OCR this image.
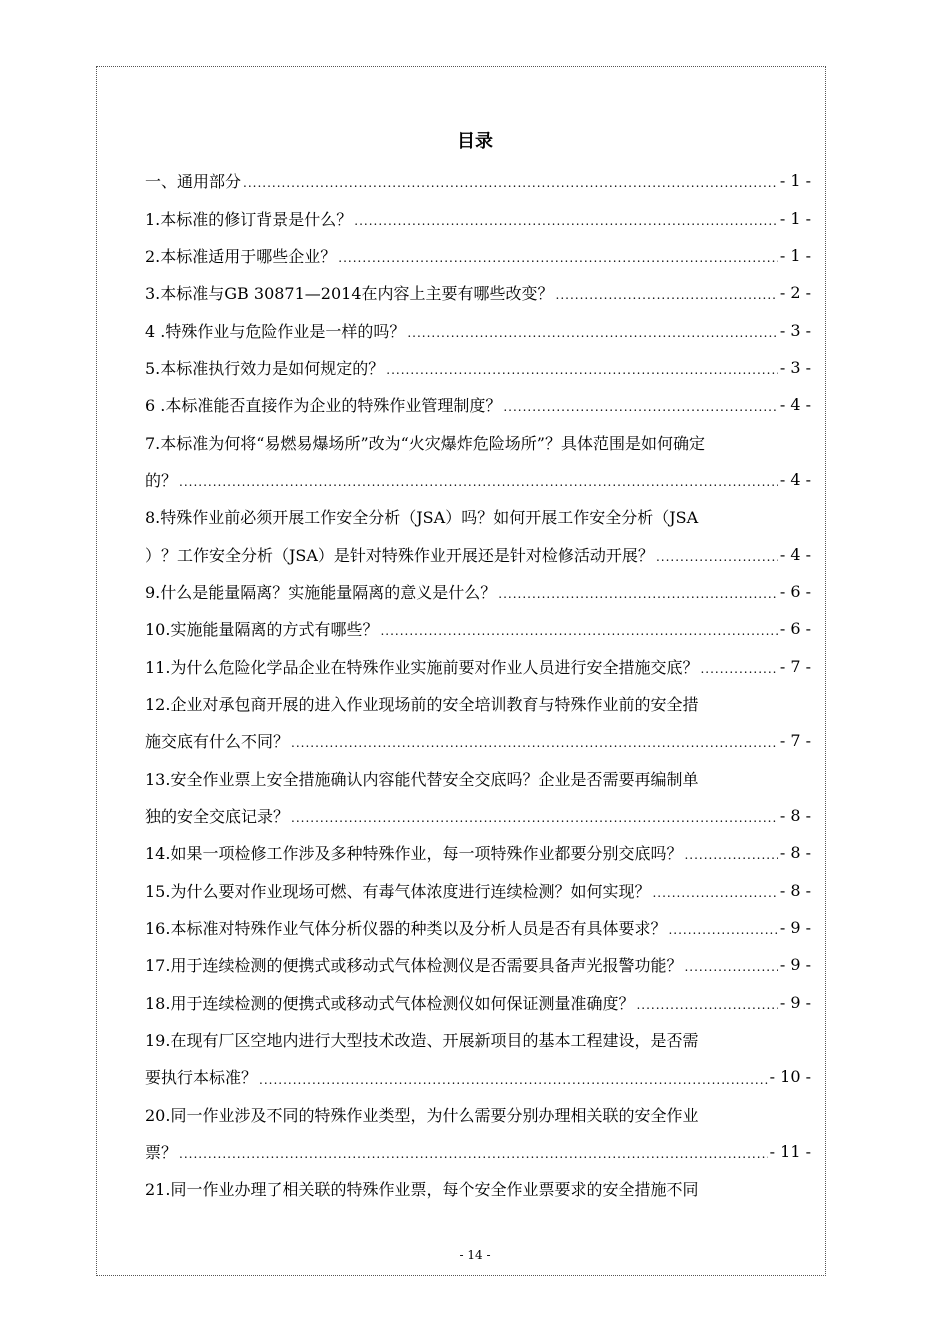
目录
一、通用部分 .....	- 1 -
1.本标准的修订背景是什么？ .....	- 1 -
2.本标准适用于哪些企业？ .....	- 1 -
3.本标准与GB 30871—2014在内容上主要有哪些改变？ .....	- 2 -
4 .特殊作业与危险作业是一样的吗？ .....	- 3 -
5.本标准执行效力是如何规定的？ .....	- 3 -
6 .本标准能否直接作为企业的特殊作业管理制度？ .....	- 4 -
7.本标准为何将“易燃易爆场所”改为“火灾爆炸危险场所”？具体范围是如何确定
的？ .....	- 4 -
8.特殊作业前必须开展工作安全分析（JSA）吗？如何开展工作安全分析（JSA
）？工作安全分析（JSA）是针对特殊作业开展还是针对检修活动开展？ .....	- 4 -
9.什么是能量隔离？实施能量隔离的意义是什么？ .....	- 6 -
10.实施能量隔离的方式有哪些？ .....	- 6 -
11.为什么危险化学品企业在特殊作业实施前要对作业人员进行安全措施交底？ .....	- 7 -
12.企业对承包商开展的进入作业现场前的安全培训教育与特殊作业前的安全措
施交底有什么不同？ .....	- 7 -
13.安全作业票上安全措施确认内容能代替安全交底吗？企业是否需要再编制单
独的安全交底记录？ .....	- 8 -
14.如果一项检修工作涉及多种特殊作业，每一项特殊作业都要分别交底吗？ .....	- 8 -
15.为什么要对作业现场可燃、有毒气体浓度进行连续检测？如何实现？ .....	- 8 -
16.本标准对特殊作业气体分析仪器的种类以及分析人员是否有具体要求？ .....	- 9 -
17.用于连续检测的便携式或移动式气体检测仪是否需要具备声光报警功能？ .....	- 9 -
18.用于连续检测的便携式或移动式气体检测仪如何保证测量准确度？ .....	- 9 -
19.在现有厂区空地内进行大型技术改造、开展新项目的基本工程建设，是否需
要执行本标准？ .....	- 10 -
20.同一作业涉及不同的特殊作业类型，为什么需要分别办理相关联的安全作业
票？ .....	- 11 -
21.同一作业办理了相关联的特殊作业票，每个安全作业票要求的安全措施不同
- 14 -
